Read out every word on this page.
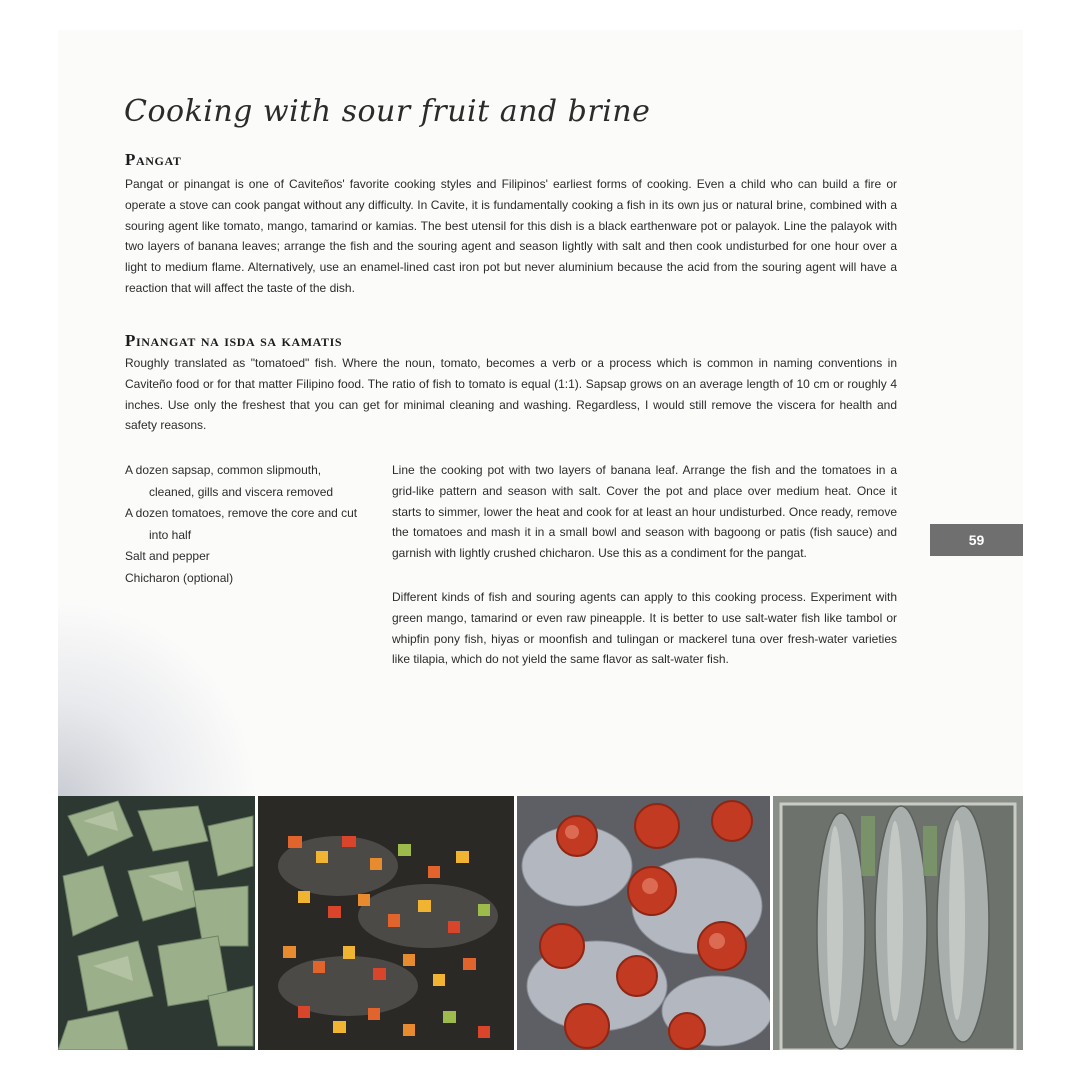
Cooking with sour fruit and brine
Pangat

Pangat or pinangat is one of Caviteños' favorite cooking styles and Filipinos' earliest forms of cooking. Even a child who can build a fire or operate a stove can cook pangat without any difficulty. In Cavite, it is fundamentally cooking a fish in its own jus or natural brine, combined with a souring agent like tomato, mango, tamarind or kamias. The best utensil for this dish is a black earthenware pot or palayok. Line the palayok with two layers of banana leaves; arrange the fish and the souring agent and season lightly with salt and then cook undisturbed for one hour over a light to medium flame. Alternatively, use an enamel-lined cast iron pot but never aluminium because the acid from the souring agent will have a reaction that will affect the taste of the dish.

Pinangat na isda sa kamatis

Roughly translated as "tomatoed" fish. Where the noun, tomato, becomes a verb or a process which is common in naming conventions in Caviteño food or for that matter Filipino food. The ratio of fish to tomato is equal (1:1). Sapsap grows on an average length of 10 cm or roughly 4 inches. Use only the freshest that you can get for minimal cleaning and washing. Regardless, I would still remove the viscera for health and safety reasons.

A dozen sapsap, common slipmouth, cleaned, gills and viscera removed
A dozen tomatoes, remove the core and cut into half
Salt and pepper
Chicharon (optional)

Line the cooking pot with two layers of banana leaf. Arrange the fish and the tomatoes in a grid-like pattern and season with salt. Cover the pot and place over medium heat. Once it starts to simmer, lower the heat and cook for at least an hour undisturbed. Once ready, remove the tomatoes and mash it in a small bowl and season with bagoong or patis (fish sauce) and garnish with lightly crushed chicharon. Use this as a condiment for the pangat.

Different kinds of fish and souring agents can apply to this cooking process. Experiment with green mango, tamarind or even raw pineapple. It is better to use salt-water fish like tambol or whipfin pony fish, hiyas or moonfish and tulingan or mackerel tuna over fresh-water varieties like tilapia, which do not yield the same flavor as salt-water fish.

59
